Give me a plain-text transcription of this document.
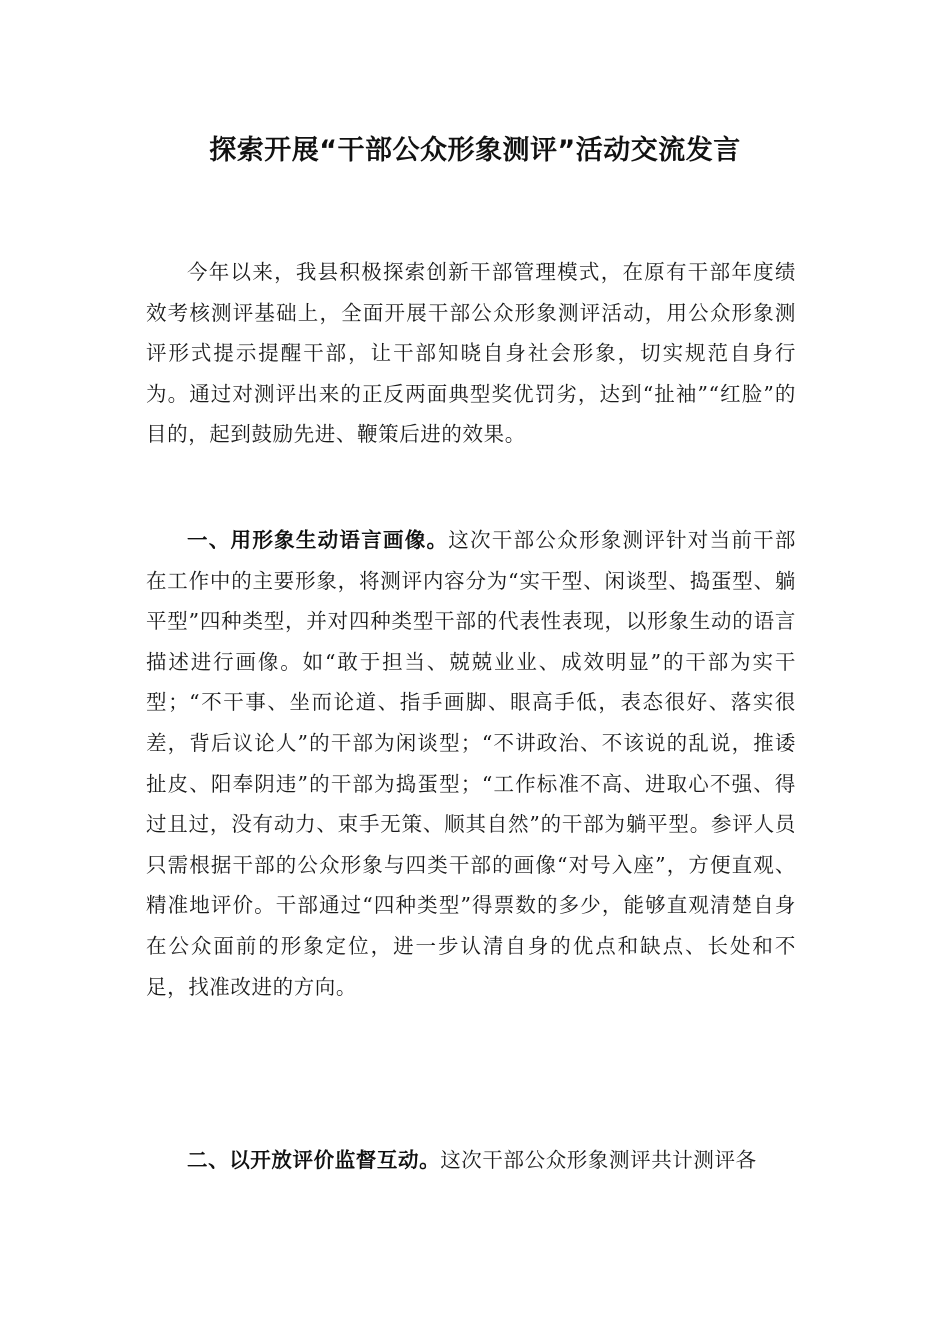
探索开展“干部公众形象测评”活动交流发言

今年以来，我县积极探索创新干部管理模式，在原有干部年度绩效考核测评基础上，全面开展干部公众形象测评活动，用公众形象测评形式提示提醒干部，让干部知晓自身社会形象，切实规范自身行为。通过对测评出来的正反两面典型奖优罚劣，达到“扯袖”“红脸”的目的，起到鼓励先进、鞭策后进的效果。

一、用形象生动语言画像。这次干部公众形象测评针对当前干部在工作中的主要形象，将测评内容分为“实干型、闲谈型、捣蛋型、躺平型”四种类型，并对四种类型干部的代表性表现，以形象生动的语言描述进行画像。如“敢于担当、兢兢业业、成效明显”的干部为实干型；“不干事、坐而论道、指手画脚、眼高手低，表态很好、落实很差，背后议论人”的干部为闲谈型；“不讲政治、不该说的乱说，推诿扯皮、阳奉阴违”的干部为捣蛋型；“工作标准不高、进取心不强、得过且过，没有动力、束手无策、顺其自然”的干部为躺平型。参评人员只需根据干部的公众形象与四类干部的画像“对号入座”，方便直观、精准地评价。干部通过“四种类型”得票数的多少，能够直观清楚自身在公众面前的形象定位，进一步认清自身的优点和缺点、长处和不足，找准改进的方向。

二、以开放评价监督互动。这次干部公众形象测评共计测评各
